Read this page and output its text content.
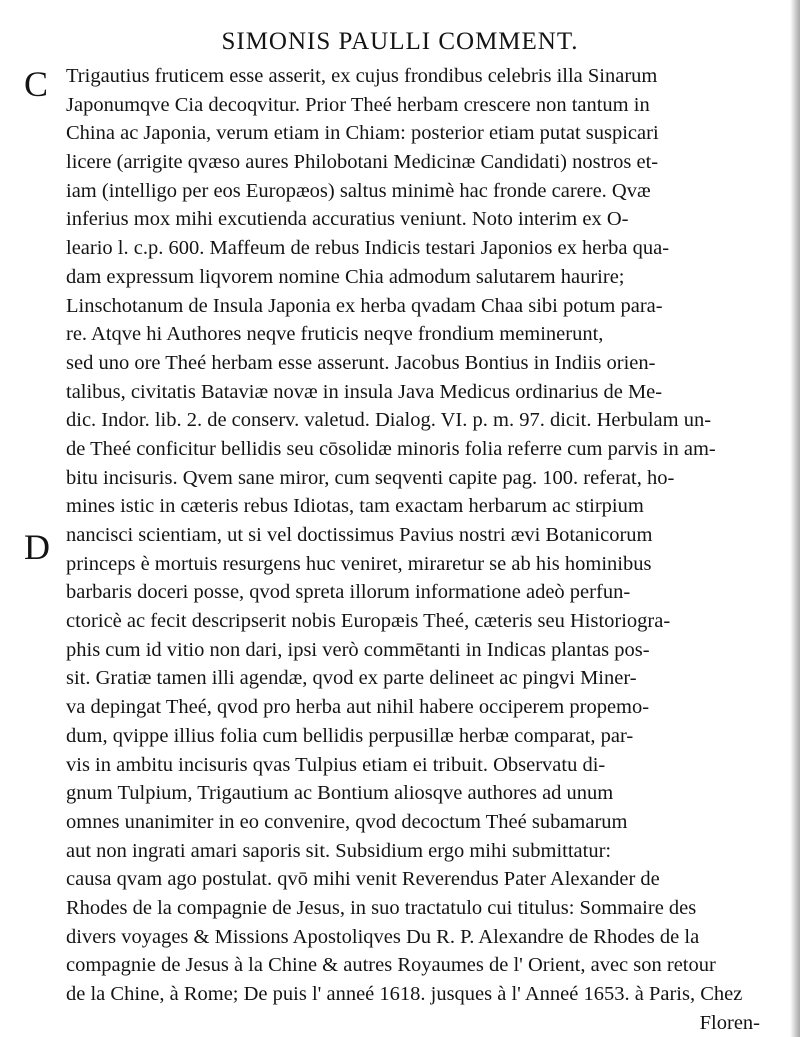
SIMONIS PAULLI COMMENT.
C
D
Trigautius fruticem esse asserit, ex cujus frondibus celebris illa Sinarum
Japonumqve Cia decoqvitur. Prior Theé herbam crescere non tantum in
China ac Japonia, verum etiam in Chiam: posterior etiam putat suspicari
licere (arrigite qvæso aures Philobotani Medicinæ Candidati) nostros et-
iam (intelligo per eos Europæos) saltus minimè hac fronde carere. Qvæ
inferius mox mihi excutienda accuratius veniunt. Noto interim ex O-
leario l. c.p. 600. Maffeum de rebus Indicis testari Japonios ex herba qua-
dam expressum liqvorem nomine Chia admodum salutarem haurire;
Linschotanum de Insula Japonia ex herba qvadam Chaa sibi potum para-
re. Atqve hi Authores neqve fruticis neqve frondium meminerunt,
sed uno ore Theé herbam esse asserunt. Jacobus Bontius in Indiis orien-
talibus, civitatis Bataviæ novæ in insula Java Medicus ordinarius de Me-
dic. Indor. lib. 2. de conserv. valetud. Dialog. VI. p. m. 97. dicit. Herbulam un-
de Theé conficitur bellidis seu cōsolidæ minoris folia referre cum parvis in am-
bitu incisuris. Qvem sane miror, cum seqventi capite pag. 100. referat, ho-
mines istic in cæteris rebus Idiotas, tam exactam herbarum ac stirpium
nancisci scientiam, ut si vel doctissimus Pavius nostri ævi Botanicorum
princeps è mortuis resurgens huc veniret, miraretur se ab his hominibus
barbaris doceri posse, qvod spreta illorum informatione adeò perfun-
ctoricè ac fecit descripserit nobis Europæis Theé, cæteris seu Historiogra-
phis cum id vitio non dari, ipsi verò commētanti in Indicas plantas pos-
sit. Gratiæ tamen illi agendæ, qvod ex parte delineet ac pingvi Miner-
va depingat Theé, qvod pro herba aut nihil habere occiperem propemo-
dum, qvippe illius folia cum bellidis perpusillæ herbæ comparat, par-
vis in ambitu incisuris qvas Tulpius etiam ei tribuit. Observatu di-
gnum Tulpium, Trigautium ac Bontium aliosqve authores ad unum
omnes unanimiter in eo convenire, qvod decoctum Theé subamarum
aut non ingrati amari saporis sit. Subsidium ergo mihi submittatur:
causa qvam ago postulat. qvō mihi venit Reverendus Pater Alexander de
Rhodes de la compagnie de Jesus, in suo tractatulo cui titulus: Sommaire des
divers voyages & Missions Apostoliqves Du R. P. Alexandre de Rhodes de la
compagnie de Jesus à la Chine & autres Royaumes de l' Orient, avec son retour
de la Chine, à Rome; De puis l' anneé 1618. jusques à l' Anneé 1653. à Paris, Chez
Floren-
